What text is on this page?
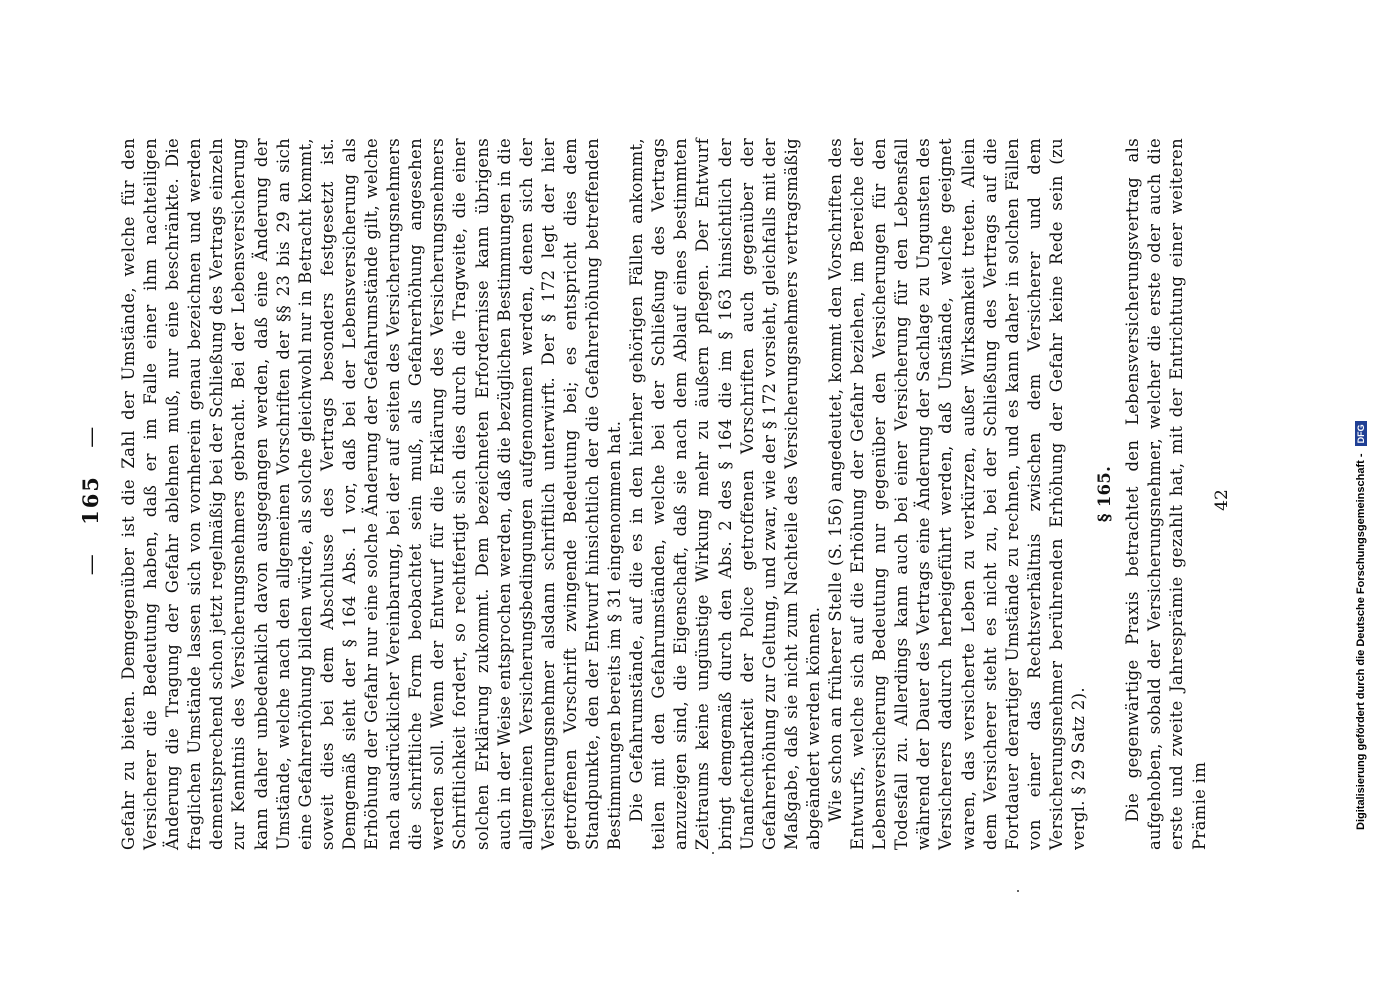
— 165 — Gefahr zu bieten. Demgegenüber ist die Zahl der Umstände, welche für den Versicherer die Bedeutung haben, daß er im Falle einer ihm nachteiligen Änderung die Tragung der Gefahr ablehnen muß, nur eine beschränkte. Die fraglichen Umstände lassen sich von vornherein genau bezeichnen und werden dementsprechend schon jetzt regelmäßig bei der Schließung des Vertrags einzeln zur Kenntnis des Versicherungsnehmers gebracht. Bei der Lebensversicherung kann daher unbedenklich davon ausgegangen werden, daß eine Änderung der Umstände, welche nach den allgemeinen Vorschriften der §§ 23 bis 29 an sich eine Gefahrerhöhung bilden würde, als solche gleichwohl nur in Betracht kommt, soweit dies bei dem Abschlusse des Vertrags besonders festgesetzt ist. Demgemäß sieht der § 164 Abs. 1 vor, daß bei der Lebensversicherung als Erhöhung der Gefahr nur eine solche Änderung der Gefahrumstände gilt, welche nach ausdrücklicher Vereinbarung, bei der auf seiten des Versicherungsnehmers die schriftliche Form beobachtet sein muß, als Gefahrerhöhung angesehen werden soll. Wenn der Entwurf für die Erklärung des Versicherungsnehmers Schriftlichkeit fordert, so rechtfertigt sich dies durch die Tragweite, die einer solchen Erklärung zukommt. Dem bezeichneten Erfordernisse kann übrigens auch in der Weise entsprochen werden, daß die bezüglichen Bestimmungen in die allgemeinen Versicherungsbedingungen aufgenommen werden, denen sich der Versicherungsnehmer alsdann schriftlich unterwirft. Der § 172 legt der hier getroffenen Vorschrift zwingende Bedeutung bei; es entspricht dies dem Standpunkte, den der Entwurf hinsichtlich der die Gefahrerhöhung betreffenden Bestimmungen bereits im § 31 eingenommen hat. Die Gefahrumstände, auf die es in den hierher gehörigen Fällen ankommt, teilen mit den Gefahrumständen, welche bei der Schließung des Vertrags anzuzeigen sind, die Eigenschaft, daß sie nach dem Ablauf eines bestimmten Zeitraums keine ungünstige Wirkung mehr zu äußern pflegen. Der Entwurf bringt demgemäß durch den Abs. 2 des § 164 die im § 163 hinsichtlich der Unanfechtbarkeit der Police getroffenen Vorschriften auch gegenüber der Gefahrerhöhung zur Geltung, und zwar, wie der § 172 vorsieht, gleichfalls mit der Maßgabe, daß sie nicht zum Nachteile des Versicherungsnehmers vertragsmäßig abgeändert werden können. Wie schon an früherer Stelle (S. 156) angedeutet, kommt den Vorschriften des Entwurfs, welche sich auf die Erhöhung der Gefahr beziehen, im Bereiche der Lebensversicherung Bedeutung nur gegenüber den Versicherungen für den Todesfall zu. Allerdings kann auch bei einer Versicherung für den Lebensfall während der Dauer des Vertrags eine Änderung der Sachlage zu Ungunsten des Versicherers dadurch herbeigeführt werden, daß Umstände, welche geeignet waren, das versicherte Leben zu verkürzen, außer Wirksamkeit treten. Allein dem Versicherer steht es nicht zu, bei der Schließung des Vertrags auf die Fortdauer derartiger Umstände zu rechnen, und es kann daher in solchen Fällen von einer das Rechtsverhältnis zwischen dem Versicherer und dem Versicherungsnehmer berührenden Erhöhung der Gefahr keine Rede sein (zu vergl. § 29 Satz 2).

§ 165. Die gegenwärtige Praxis betrachtet den Lebensversicherungsvertrag als aufgehoben, sobald der Versicherungsnehmer, welcher die erste oder auch die erste und zweite Jahresprämie gezahlt hat, mit der Entrichtung einer weiteren Prämie im

42	Digitalisierung gefördert durch die Deutsche Forschungsgemeinschaft - DFG
